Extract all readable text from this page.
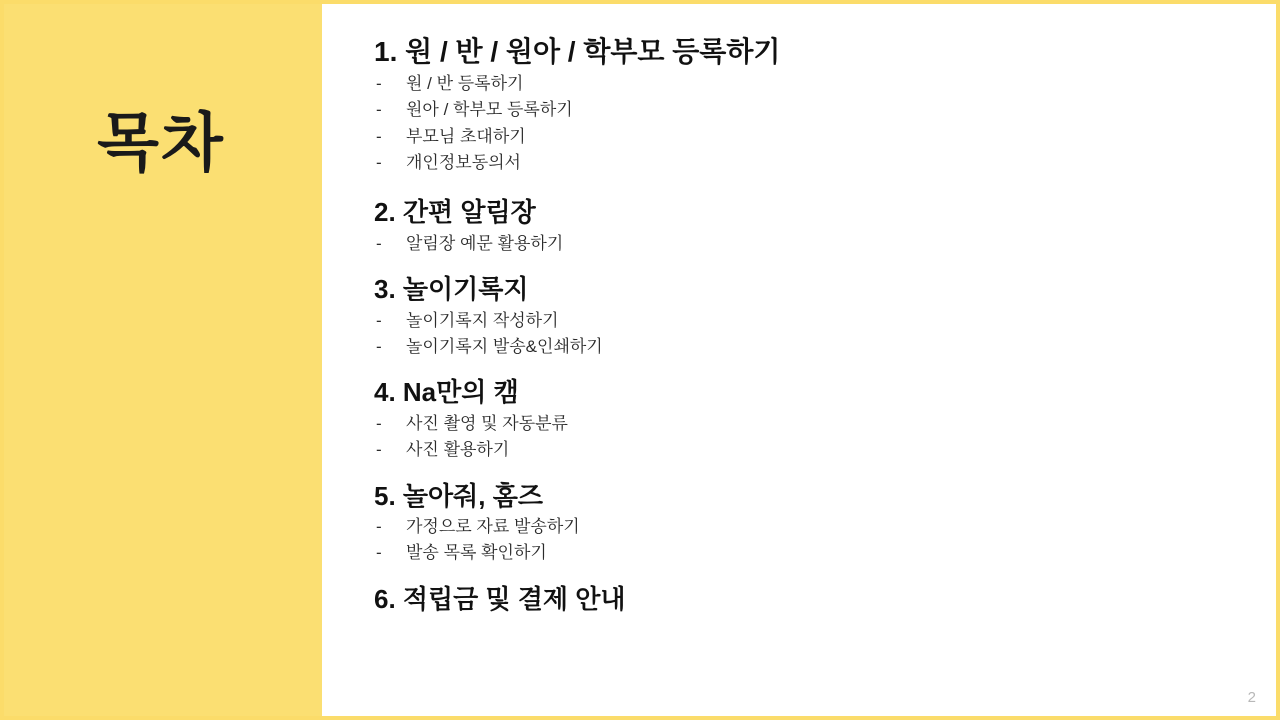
목차

1. 원 / 반 / 원아 / 학부모 등록하기

-	원 / 반 등록하기

-	원아 / 학부모 등록하기

-	부모님 초대하기

-	개인정보동의서

2. 간편 알림장

-	알림장 예문 활용하기

3. 놀이기록지

-	놀이기록지 작성하기

-	놀이기록지 발송&인쇄하기

4. Na만의 캠

-	사진 촬영 및 자동분류

-	사진 활용하기

5. 놀아줘, 홈즈

-	가정으로 자료 발송하기

-	발송 목록 확인하기

6. 적립금 및 결제 안내

2
